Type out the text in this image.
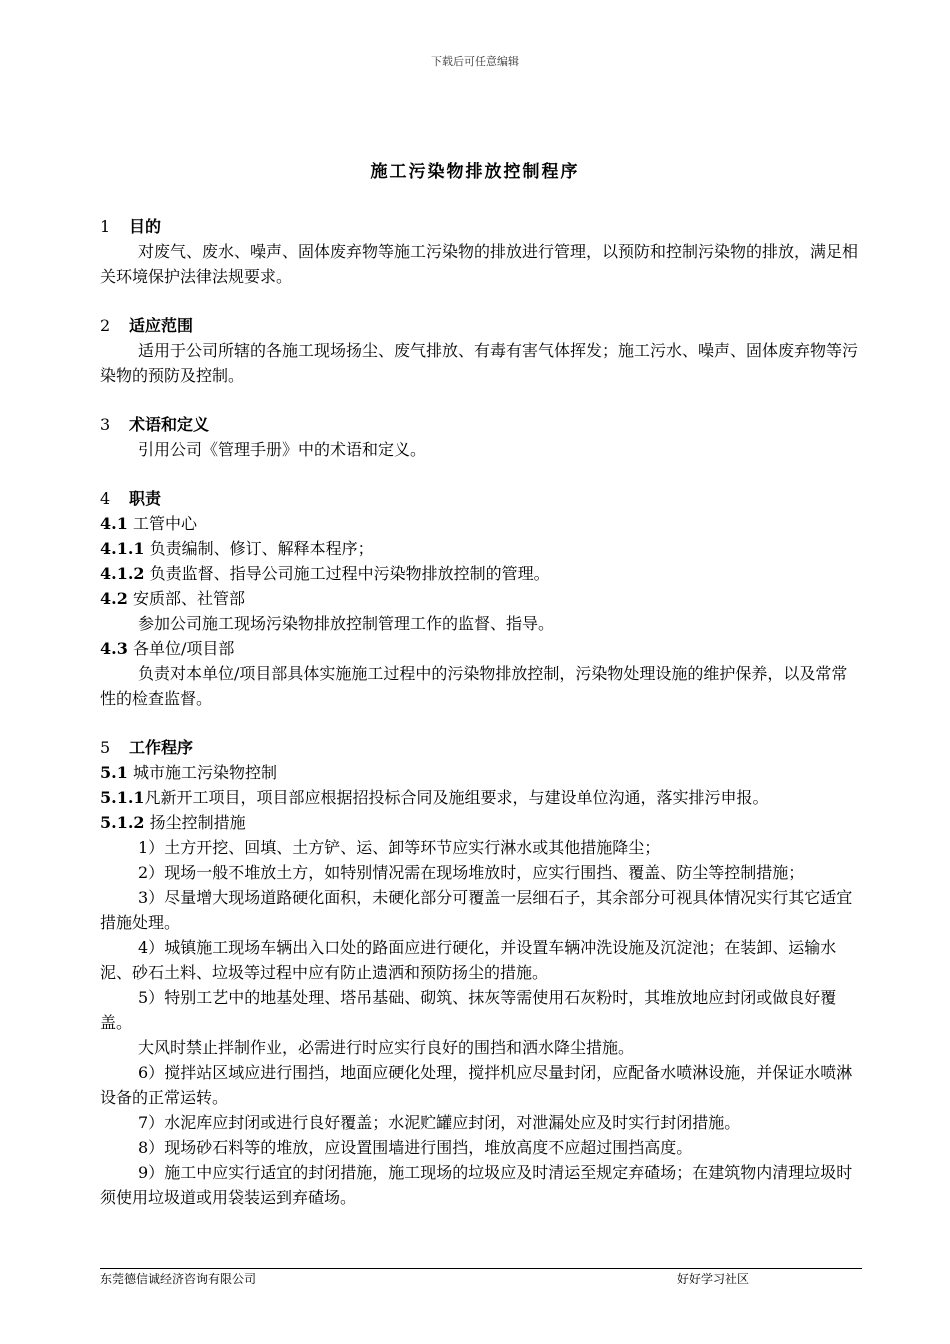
下载后可任意编辑
施工污染物排放控制程序

1 目的

对废气、废水、噪声、固体废弃物等施工污染物的排放进行管理，以预防和控制污染物的排放，满足相关环境保护法律法规要求。

2 适应范围

适用于公司所辖的各施工现场扬尘、废气排放、有毒有害气体挥发；施工污水、噪声、固体废弃物等污染物的预防及控制。

3 术语和定义

引用公司《管理手册》中的术语和定义。

4 职责

4.1 工管中心

4.1.1 负责编制、修订、解释本程序；

4.1.2 负责监督、指导公司施工过程中污染物排放控制的管理。

4.2 安质部、社管部

参加公司施工现场污染物排放控制管理工作的监督、指导。

4.3 各单位/项目部

负责对本单位/项目部具体实施施工过程中的污染物排放控制，污染物处理设施的维护保养，以及常常性的检查监督。

5 工作程序

5.1 城市施工污染物控制

5.1.1凡新开工项目，项目部应根据招投标合同及施组要求，与建设单位沟通，落实排污申报。

5.1.2 扬尘控制措施

1）土方开挖、回填、土方铲、运、卸等环节应实行淋水或其他措施降尘；

2）现场一般不堆放土方，如特别情况需在现场堆放时，应实行围挡、覆盖、防尘等控制措施；

3）尽量增大现场道路硬化面积，未硬化部分可覆盖一层细石子，其余部分可视具体情况实行其它适宜措施处理。

4）城镇施工现场车辆出入口处的路面应进行硬化，并设置车辆冲洗设施及沉淀池；在装卸、运输水泥、砂石土料、垃圾等过程中应有防止遗洒和预防扬尘的措施。

5）特别工艺中的地基处理、塔吊基础、砌筑、抹灰等需使用石灰粉时，其堆放地应封闭或做良好覆盖。

大风时禁止拌制作业，必需进行时应实行良好的围挡和洒水降尘措施。

6）搅拌站区域应进行围挡，地面应硬化处理，搅拌机应尽量封闭，应配备水喷淋设施，并保证水喷淋设备的正常运转。

7）水泥库应封闭或进行良好覆盖；水泥贮罐应封闭，对泄漏处应及时实行封闭措施。

8）现场砂石料等的堆放，应设置围墙进行围挡，堆放高度不应超过围挡高度。

9）施工中应实行适宜的封闭措施，施工现场的垃圾应及时清运至规定弃碴场；在建筑物内清理垃圾时须使用垃圾道或用袋装运到弃碴场。

东莞德信诚经济咨询有限公司	好好学习社区
